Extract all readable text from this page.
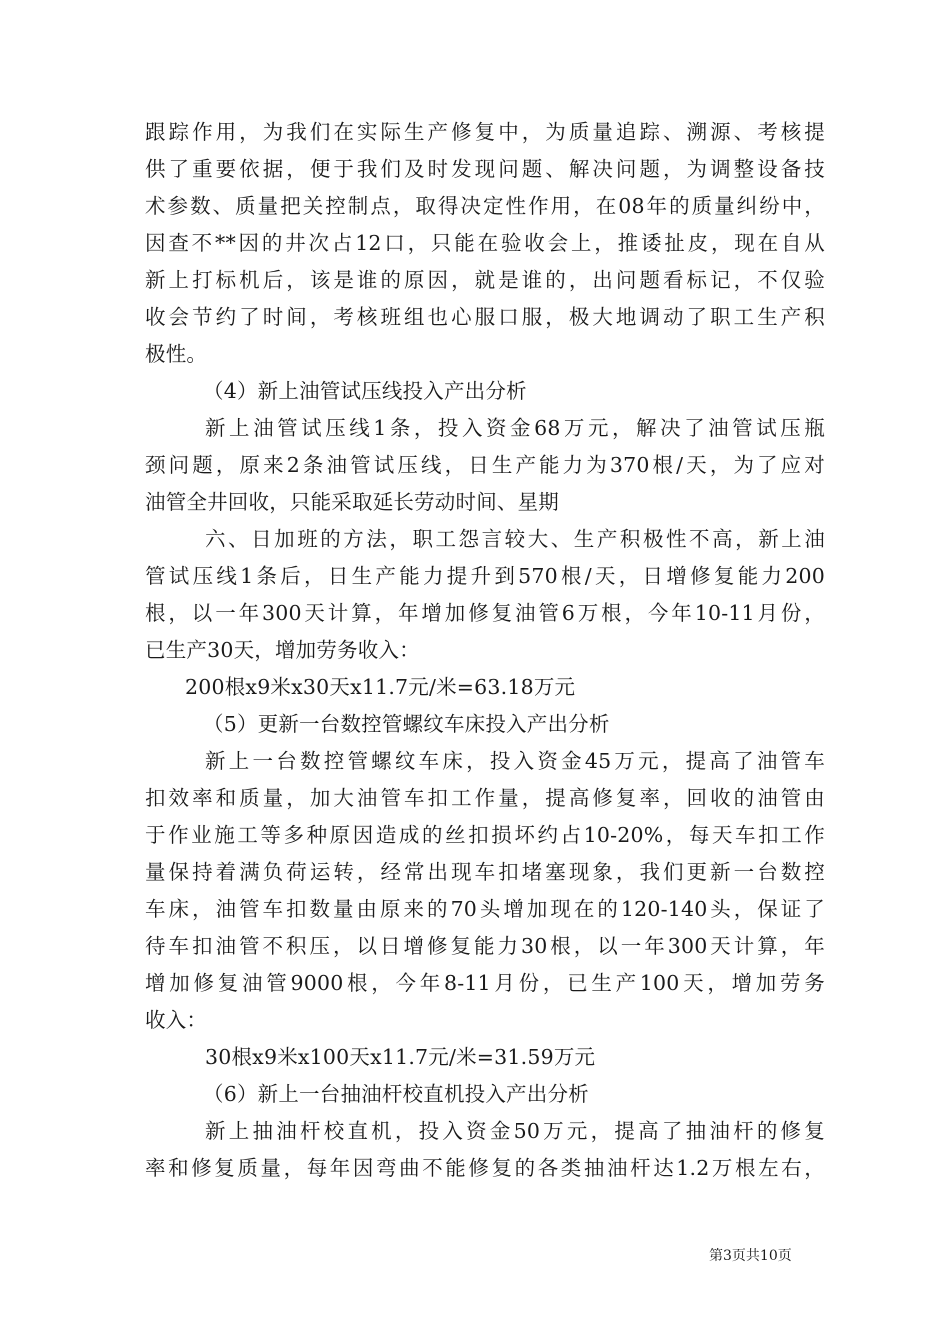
跟踪作用，为我们在实际生产修复中，为质量追踪、溯源、考核提
供了重要依据，便于我们及时发现问题、解决问题，为调整设备技
术参数、质量把关控制点，取得决定性作用，在08年的质量纠纷中，
因查不**因的井次占12口，只能在验收会上，推诿扯皮，现在自从
新上打标机后，该是谁的原因，就是谁的，出问题看标记，不仅验
收会节约了时间，考核班组也心服口服，极大地调动了职工生产积
极性。
（4）新上油管试压线投入产出分析
新上油管试压线1条，投入资金68万元，解决了油管试压瓶
颈问题，原来2条油管试压线，日生产能力为370根/天，为了应对
油管全井回收，只能采取延长劳动时间、星期
六、日加班的方法，职工怨言较大、生产积极性不高，新上油
管试压线1条后，日生产能力提升到570根/天，日增修复能力200
根，以一年300天计算，年增加修复油管6万根，今年10-11月份，
已生产30天，增加劳务收入：
200根x9米x30天x11.7元/米=63.18万元
（5）更新一台数控管螺纹车床投入产出分析
新上一台数控管螺纹车床，投入资金45万元，提高了油管车
扣效率和质量，加大油管车扣工作量，提高修复率，回收的油管由
于作业施工等多种原因造成的丝扣损坏约占10-20%，每天车扣工作
量保持着满负荷运转，经常出现车扣堵塞现象，我们更新一台数控
车床，油管车扣数量由原来的70头增加现在的120-140头，保证了
待车扣油管不积压，以日增修复能力30根，以一年300天计算，年
增加修复油管9000根，今年8-11月份，已生产100天，增加劳务
收入：
30根x9米x100天x11.7元/米=31.59万元
（6）新上一台抽油杆校直机投入产出分析
新上抽油杆校直机，投入资金50万元，提高了抽油杆的修复
率和修复质量，每年因弯曲不能修复的各类抽油杆达1.2万根左右，
第3页共10页
